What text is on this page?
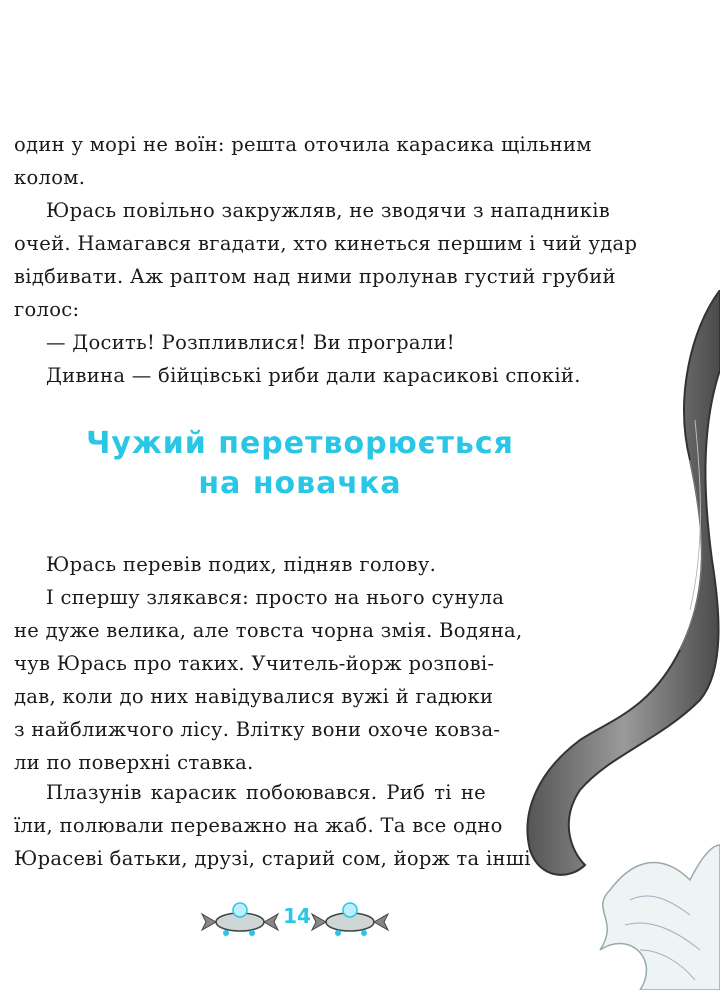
один у морі не воїн: решта оточила карасика щільним
колом.
Юрась повільно закружляв, не зводячи з нападників
очей. Намагався вгадати, хто кинеться першим і чий удар
відбивати. Аж раптом над ними пролунав густий грубий
голос:
— Досить! Розпливлися! Ви програли!
Дивина — бійцівські риби дали карасикові спокій.
Чужий перетворюється
на новачка
Юрась перевів подих, підняв голову.
І спершу злякався: просто на нього сунула
не дуже велика, але товста чорна змія. Водяна,
чув Юрась про таких. Учитель-йорж розпові-
дав, коли до них навідувалися вужі й гадюки
з найближчого лісу. Влітку вони охоче ковза-
ли по поверхні ставка.
Плазунів карасик побоювався. Риб ті не
їли, полювали переважно на жаб. Та все одно
Юрасеві батьки, друзі, старий сом, йорж та інші
14
